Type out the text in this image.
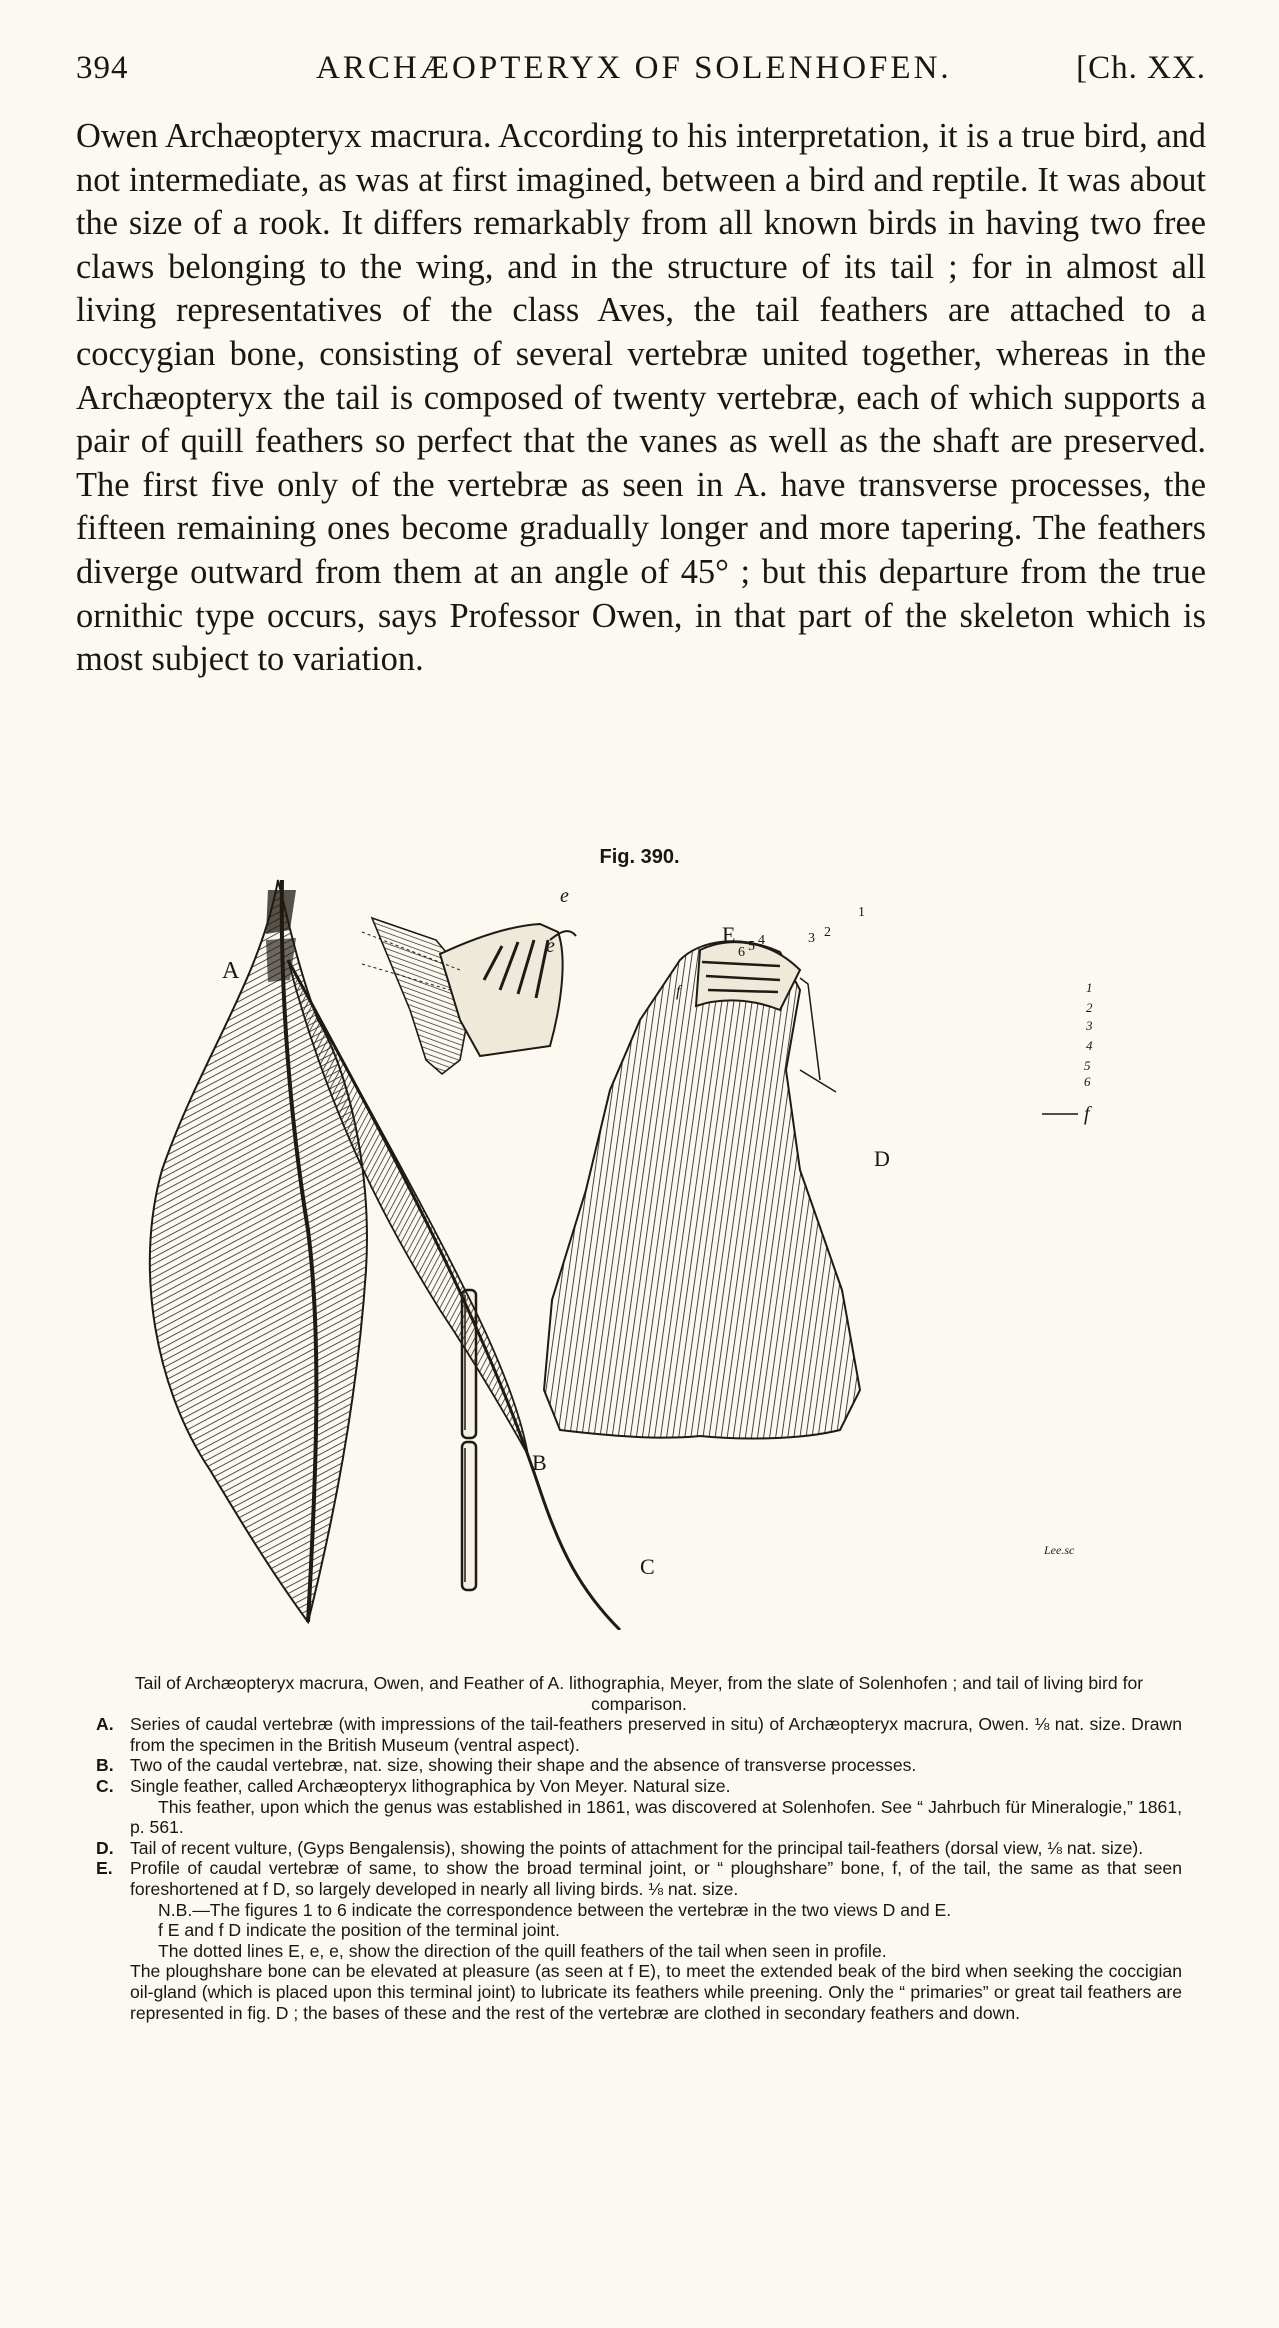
394	ARCHÆOPTERYX OF SOLENHOFEN.	[Ch. XX.

Owen Archæopteryx macrura. According to his interpretation, it is a true bird, and not intermediate, as was at first imagined, between a bird and reptile. It was about the size of a rook. It differs remarkably from all known birds in having two free claws belonging to the wing, and in the structure of its tail ; for in almost all living representatives of the class Aves, the tail feathers are attached to a coccygian bone, consisting of several vertebræ united together, whereas in the Archæopteryx the tail is composed of twenty vertebræ, each of which supports a pair of quill feathers so perfect that the vanes as well as the shaft are preserved. The first five only of the vertebræ as seen in A. have transverse processes, the fifteen remaining ones become gradually longer and more tapering. The feathers diverge outward from them at an angle of 45° ; but this departure from the true ornithic type occurs, says Professor Owen, in that part of the skeleton which is most subject to variation.

Fig. 390.
A
B
C
D
E
e
e
f
f
6 5 4	3 2
1
1
2
3
4
5
6
Lee.sc

Tail of Archæopteryx macrura, Owen, and Feather of A. lithographia, Meyer, from the slate of Solenhofen ; and tail of living bird for comparison.

A. Series of caudal vertebræ (with impressions of the tail-feathers preserved in situ) of Archæopteryx macrura, Owen. ⅛ nat. size. Drawn from the specimen in the British Museum (ventral aspect).

B. Two of the caudal vertebræ, nat. size, showing their shape and the absence of transverse processes.

C. Single feather, called Archæopteryx lithographica by Von Meyer. Natural size.

This feather, upon which the genus was established in 1861, was discovered at Solenhofen. See “ Jahrbuch für Mineralogie,” 1861, p. 561.

D. Tail of recent vulture, (Gyps Bengalensis), showing the points of attachment for the principal tail-feathers (dorsal view, ⅛ nat. size).

E. Profile of caudal vertebræ of same, to show the broad terminal joint, or “ ploughshare” bone, f, of the tail, the same as that seen foreshortened at f D, so largely developed in nearly all living birds. ⅛ nat. size.

N.B.—The figures 1 to 6 indicate the correspondence between the vertebræ in the two views D and E.

f E and f D indicate the position of the terminal joint.

The dotted lines E, e, e, show the direction of the quill feathers of the tail when seen in profile.

The ploughshare bone can be elevated at pleasure (as seen at f E), to meet the extended beak of the bird when seeking the coccigian oil-gland (which is placed upon this terminal joint) to lubricate its feathers while preening. Only the “ primaries” or great tail feathers are represented in fig. D ; the bases of these and the rest of the vertebræ are clothed in secondary feathers and down.
